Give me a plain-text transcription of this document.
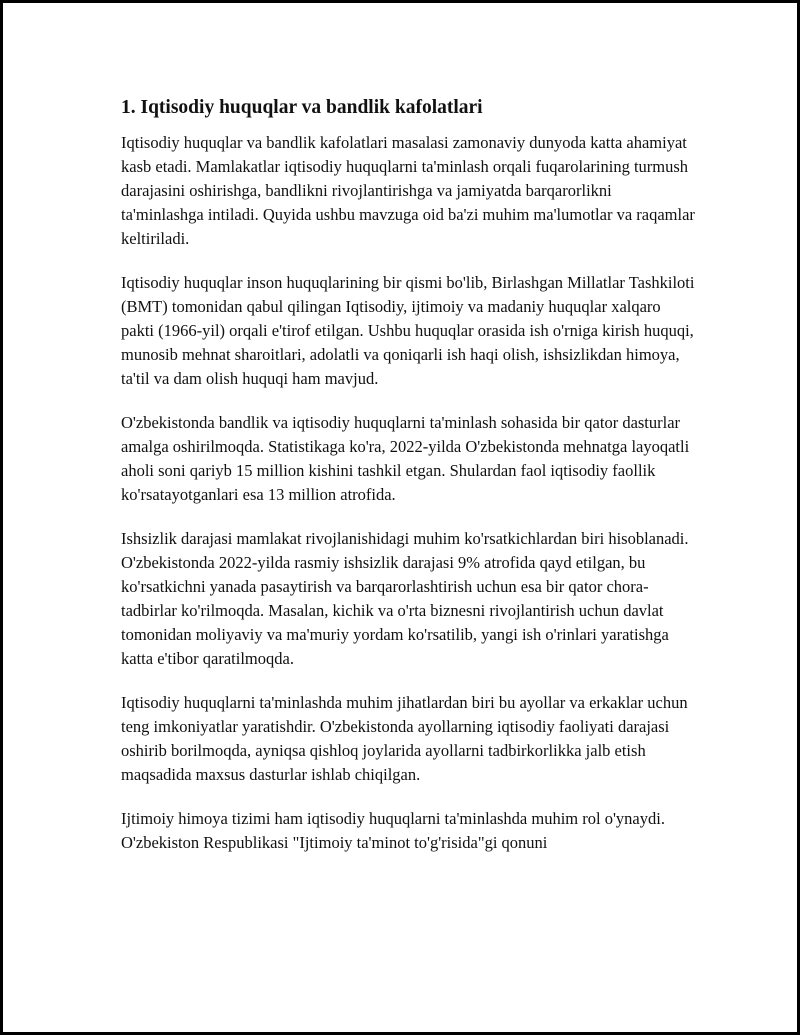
1. Iqtisodiy huquqlar va bandlik kafolatlari

Iqtisodiy huquqlar va bandlik kafolatlari masalasi zamonaviy dunyoda katta ahamiyat kasb etadi. Mamlakatlar iqtisodiy huquqlarni ta'minlash orqali fuqarolarining turmush darajasini oshirishga, bandlikni rivojlantirishga va jamiyatda barqarorlikni ta'minlashga intiladi. Quyida ushbu mavzuga oid ba'zi muhim ma'lumotlar va raqamlar keltiriladi.

Iqtisodiy huquqlar inson huquqlarining bir qismi bo'lib, Birlashgan Millatlar Tashkiloti (BMT) tomonidan qabul qilingan Iqtisodiy, ijtimoiy va madaniy huquqlar xalqaro pakti (1966-yil) orqali e'tirof etilgan. Ushbu huquqlar orasida ish o'rniga kirish huquqi, munosib mehnat sharoitlari, adolatli va qoniqarli ish haqi olish, ishsizlikdan himoya, ta'til va dam olish huquqi ham mavjud.

O'zbekistonda bandlik va iqtisodiy huquqlarni ta'minlash sohasida bir qator dasturlar amalga oshirilmoqda. Statistikaga ko'ra, 2022-yilda O'zbekistonda mehnatga layoqatli aholi soni qariyb 15 million kishini tashkil etgan. Shulardan faol iqtisodiy faollik ko'rsatayotganlari esa 13 million atrofida.

Ishsizlik darajasi mamlakat rivojlanishidagi muhim ko'rsatkichlardan biri hisoblanadi. O'zbekistonda 2022-yilda rasmiy ishsizlik darajasi 9% atrofida qayd etilgan, bu ko'rsatkichni yanada pasaytirish va barqarorlashtirish uchun esa bir qator chora-tadbirlar ko'rilmoqda. Masalan, kichik va o'rta biznesni rivojlantirish uchun davlat tomonidan moliyaviy va ma'muriy yordam ko'rsatilib, yangi ish o'rinlari yaratishga katta e'tibor qaratilmoqda.

Iqtisodiy huquqlarni ta'minlashda muhim jihatlardan biri bu ayollar va erkaklar uchun teng imkoniyatlar yaratishdir. O'zbekistonda ayollarning iqtisodiy faoliyati darajasi oshirib borilmoqda, ayniqsa qishloq joylarida ayollarni tadbirkorlikka jalb etish maqsadida maxsus dasturlar ishlab chiqilgan.

Ijtimoiy himoya tizimi ham iqtisodiy huquqlarni ta'minlashda muhim rol o'ynaydi. O'zbekiston Respublikasi "Ijtimoiy ta'minot to'g'risida"gi qonuni
